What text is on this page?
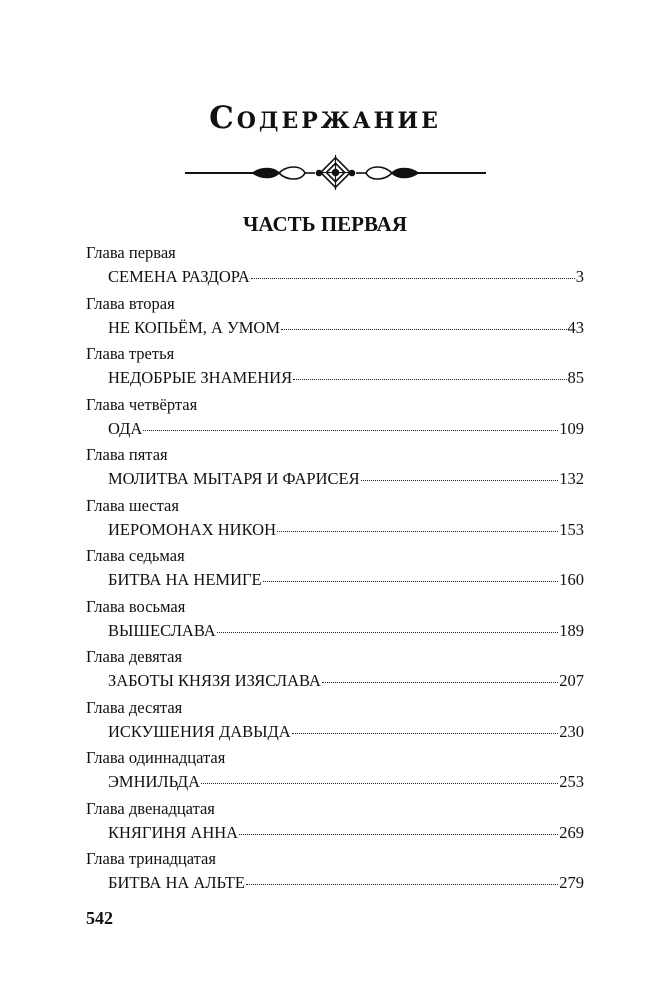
Содержание
ЧАСТЬ ПЕРВАЯ
Глава первая
СЕМЕНА РАЗДОРА	3
Глава вторая
НЕ КОПЬЁМ, А УМОМ	43
Глава третья
НЕДОБРЫЕ ЗНАМЕНИЯ	85
Глава четвёртая
ОДА	109
Глава пятая
МОЛИТВА МЫТАРЯ И ФАРИСЕЯ	132
Глава шестая
ИЕРОМОНАХ НИКОН	153
Глава седьмая
БИТВА НА НЕМИГЕ	160
Глава восьмая
ВЫШЕСЛАВА	189
Глава девятая
ЗАБОТЫ КНЯЗЯ ИЗЯСЛАВА	207
Глава десятая
ИСКУШЕНИЯ ДАВЫДА	230
Глава одиннадцатая
ЭМНИЛЬДА	253
Глава двенадцатая
КНЯГИНЯ АННА	269
Глава тринадцатая
БИТВА НА АЛЬТЕ	279
542
